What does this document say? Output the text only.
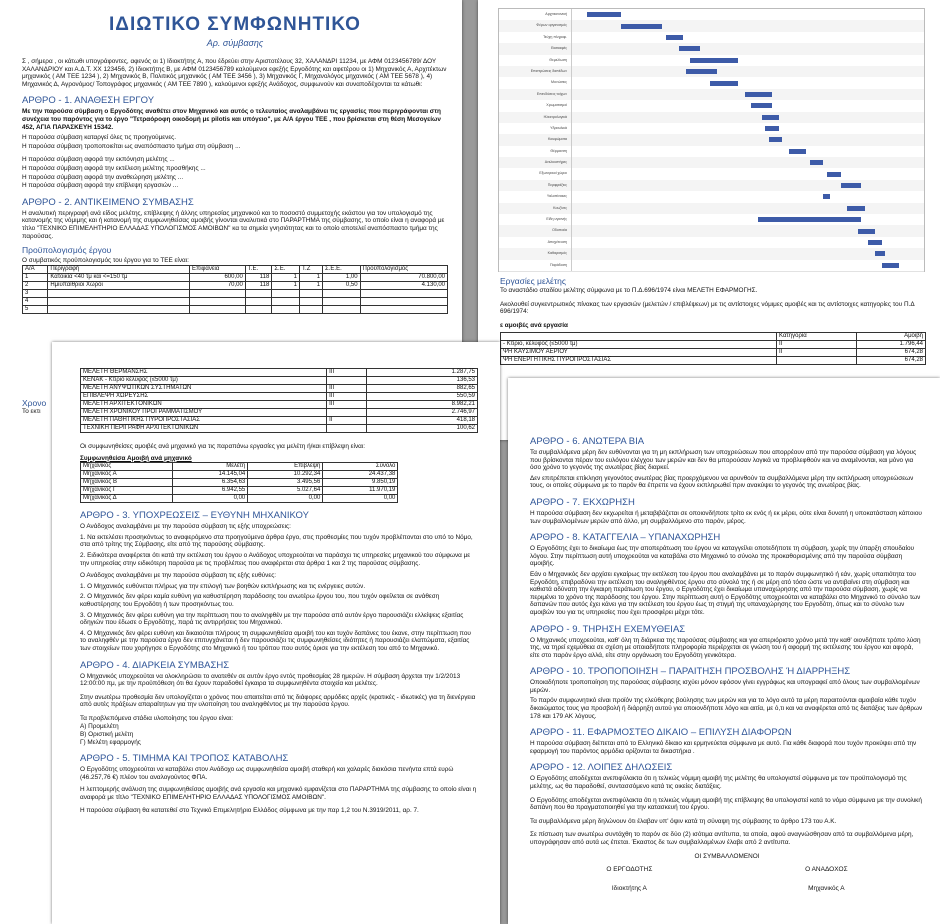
ΙΔΙΩΤΙΚΟ ΣΥΜΦΩΝΗΤΙΚΟ
Αρ. σύμβασης

Σ , σήμερα , οι κάτωθι υπογράφοντες, αφενός οι 1) Ιδιοκτήτης Α, που έδρεύει στην Αριστοτέλους 32, ΧΑΛΑΝΔΡΙ 11234, με ΑΦΜ 0123456789/ ΔΟΥ ΧΑΛΑΝΔΡΙΟΥ και Α.Δ.Τ. ΧΧ 123456, 2) Ιδιοκτήτης Β, με ΑΦΜ 0123456789 καλούμενοι εφεξής Εργοδότης και αφετέρου οι 1) Μηχανικός Α, Αρχιτέκτων μηχανικός ( ΑΜ ΤΕΕ 1234 ), 2) Μηχανικός Β, Πολιτικός μηχανικός ( ΑΜ ΤΕΕ 3456 ), 3) Μηχανικός Γ, Μηχανολόγος μηχανικός ( ΑΜ ΤΕΕ 5678 ), 4) Μηχανικός Δ, Αγρονόμος/ Τοπογράφος μηχανικός ( ΑΜ ΤΕΕ 7890 ), καλούμενοι εφεξής Ανάδοχος, συμφωνούν και συναποδέχονται τα κάτωθι:

ΑΡΘΡΟ - 1. ΑΝΑΘΕΣΗ ΕΡΓΟΥ

Με την παρούσα σύμβαση ο Εργοδότης αναθέτει στον Μηχανικό και αυτός ο τελευταίος αναλαμβάνει τις εργασίες που περιγράφονται στη συνέχεια του παρόντος για το έργο "Τετραόροφη οικοδομή με pilotis και υπόγειο", με Α/Α έργου ΤΕΕ , που βρίσκεται στη θέση Μεσογείων 452, ΑΓΙΑ ΠΑΡΑΣΚΕΥΗ 15342.

Η παρούσα σύμβαση καταργεί όλες τις προηγούμενες.

Η παρούσα σύμβαση τροποποιείται ως αναπόσπαστο τμήμα στη σύμβαση ...

Η παρούσα σύμβαση αφορά την εκπόνηση μελέτης ...

Η παρούσα σύμβαση αφορά την εκτέλεση μελέτης προσθήκης ...

Η παρούσα σύμβαση αφορά την αναθεώρηση μελέτης ...

Η παρούσα σύμβαση αφορά την επίβλεψη εργασιών ...

ΑΡΘΡΟ - 2. ΑΝΤΙΚΕΙΜΕΝΟ ΣΥΜΒΑΣΗΣ

Η αναλυτική περιγραφή ανά είδος μελέτης, επίβλεψης ή άλλης υπηρεσίας μηχανικού και το ποσοστό συμμετοχής εκάστου για τον υπολογισμό της κατανομής της νόμιμης και ή κατανομή της συμφωνηθείσας αμοιβής γίνονται αναλυτικά στο ΠΑΡΑΡΤΗΜΑ της σύμβασης, το οποίο είναι η αναφορά με τίτλο "ΤΕΧΝΙΚΟ ΕΠΙΜΕΛΗΤΗΡΙΟ ΕΛΛΑΔΑΣ ΥΠΟΛΟΓΙΣΜΟΣ ΑΜΟΙΒΩΝ" κα τα σημεία γνησιότητας και το οποίο αποτελεί αναπόσπαστο τμήμα της παρούσας.

Προϋπολογισμός έργου

Ο συμβατικός προϋπολογισμός του έργου για το ΤΕΕ είναι:

Α/Α	Περιγραφή	Επιφάνεια	Τ.Ε.	Σ.Ε.	Τ.Ζ	Σ.Ε.Ε.	Προϋπολογισμός
1	Κατοικία <40 τμ και <=150 τμ	600,00	118	1	1	1,00	70.800,00
2	Ημιυπαίθριοι Χώροι	70,00	118	1	1	0,50	4.130,00
3							
4							
5							
Χρονο
Το εκτι
Αρχιτεκτονική
Φέρων οργανισμός
Τεύχη πληροφ.
Εκσκαφές
Θεμελίωση
Επιστρώσεις δαπέδων
Μονώσεις
Επενδύσεις τοίχων
Χρωματισμοί
Ηλεκτρολογικά
Υδραυλικά
Κουφώματα
Θέρμανση
Ανελκυστήρες
Εξωτερικοί χώροι
Περιφράξεις
Υαλοπίνακες
Κουζίνες
Είδη υγιεινής
Οδοποιία
Αποχέτευση
Καθαρισμός
Παράδοση
Εργασίες μελέτης

Το αναστάδιο σταδίου μελέτης σύμφωνα με το Π.Δ.696/1974 είναι ΜΕΛΕΤΗ ΕΦΑΡΜΟΓΗΣ.

Ακολουθεί συγκεντρωτικός πίνακας των εργασιών (μελετών / επιβλέψεων) με τις αντίστοιχες νόμιμες αμοιβές και τις αντίστοιχες κατηγορίες του Π.Δ 696/1974:

ε αμοιβές ανά εργασία
	Κατηγορία	Αμοιβή
- Κτίριο, κέλυφος (≤5000 τμ)	ΙΙ	1.796,44
ΨΗ ΚΑΥΣΙΜΟΥ ΑΕΡΙΟΥ	ΙΙ	674,28
ΨΗ ΕΝΕΡΓΗΤΙΚΗΣ ΠΥΡΟΠΡΟΣΤΑΣΙΑΣ		674,28
ΜΕΛΕΤΗ ΘΕΡΜΑΝΣΗΣ	ΙΙΙ	1.287,75
ΚΕΝΑΚ - Κτίριο κέλυφος (≤5000 τμ)		136,53
ΜΕΛΕΤΗ ΑΝΥΨΩΤΙΚΩΝ ΣΥΣΤΗΜΑΤΩΝ	ΙΙΙ	882,65
ΕΠΙΒΛΕΨΗ ΧΩΡΕΥΣΗΣ	ΙΙΙ	550,59
ΜΕΛΕΤΗ ΑΡΧΙΤΕΚΤΟΝΙΚΩΝ	ΙΙΙ	8.982,21
ΜΕΛΕΤΗ ΧΡΟΝΙΚΟΥ ΠΡΟΓΡΑΜΜΑΤΙΣΜΟΥ		2.746,97
ΜΕΛΕΤΗ ΠΑΘΗΤΙΚΗΣ ΠΥΡΟΠΡΟΣΤΑΣΙΑΣ	ΙΙ	418,18
ΤΕΧΝΙΚΗ ΠΕΡΙΓΡΑΦΗ ΑΡΧΙΤΕΚΤΟΝΙΚΩΝ		100,62

Οι συμφωνηθείσες αμοιβές ανά μηχανικό για τις παραπάνω εργασίες για μελέτη ή/και επίβλεψη είναι:

Συμφωνηθείσα Αμοιβή ανά μηχανικό
Μηχανικός	Μελέτη	Επίβλεψη	Σύνολο
Μηχανικός Α	14.145,04	10.292,34	24.437,38
Μηχανικός Β	6.354,63	3.495,56	9.850,19
Μηχανικός Γ	6.942,55	5.027,64	11.970,19
Μηχανικός Δ	0,00	0,00	0,00
ΑΡΘΡΟ - 3. ΥΠΟΧΡΕΩΣΕΙΣ – ΕΥΘΥΝΗ ΜΗΧΑΝΙΚΟΥ

Ο Ανάδοχος αναλαμβάνει με την παρούσα σύμβαση τις εξής υποχρεώσεις:

1. Να εκτελέσει προσηκόντως το αναφερόμενο στα προηγούμενα άρθρα έργο, στις προθεσμίες που τυχόν προβλέπονται στο υπό το Νόμο, στα από τρίτης της Σύμβασης, είτε από της παρούσης σύμβασης.

2. Ειδικότερα αναφέρεται ότι κατά την εκτέλεση του έργου ο Ανάδοχος υποχρεούται να παράσχει τις υπηρεσίες μηχανικού του σύμφωνα με την υπηρεσίας στην ειδικότερη παρούσα με τις προβλέπεις που αναφέρεται στα άρθρα 1 και 2 της παρούσας σύμβασης.

Ο Ανάδοχος αναλαμβάνει με την παρούσα σύμβαση τις εξής ευθύνες:

1. Ο Μηχανικός ευθύνεται πλήρως για την επιλογή των βοηθών εκπλήρωσης και τις ενέργειες αυτών.

2. Ο Μηχανικός δεν φέρει καμία ευθύνη για καθυστέρηση παράδοσης του ανωτέρω έργου του, που τυχόν οφείλεται σε ανάθεση καθυστέρησης του Εργοδότη ή των προσηκόντως του.

3. Ο Μηχανικός δεν φέρει ευθύνη για την περίπτωση που το αναληφθέν με την παρούσα από αυτόν έργο παρουσιάζει ελλείψεις εξαιτίας οδηγιών που έδωσε ο Εργοδότης, παρά τις αντιρρήσεις του Μηχανικού.

4. Ο Μηχανικός δεν φέρει ευθύνη και δικαιούται πλήρους τη συμφωνηθείσα αμοιβή του και τυχόν δαπάνες του έκανε, στην περίπτωση που το αναληφθέν με την παρούσα έργο δεν επιτυγχάνεται ή δεν παρουσιάζει τις συμφωνηθείσες ιδιότητες ή παρουσιάζει ελαττώματα, εξαιτίας των στοιχείων που χορήγησε ο Εργοδότης στο Μηχανικό ή του τρόπου που αυτός όρισε για την εκτέλεση του από το Μηχανικό.

ΑΡΘΡΟ - 4. ΔΙΑΡΚΕΙΑ ΣΥΜΒΑΣΗΣ

Ο Μηχανικός υποχρεούται να ολοκληρώσει το ανατεθέν σε αυτόν έργο εντός προθεσμίας 28 ημερών. Η σύμβαση άρχεται την 1/2/2013 12:00:00 πμ, με την προϋπόθεση ότι θα έχουν παραδοθεί έγκαιρα τα συμφωνηθέντα στοιχεία και μελέτες.

Στην ανωτέρω προθεσμία δεν υπολογίζεται ο χρόνος που απαιτείται από τις διάφορες αρμόδιες αρχές (κρατικές - ιδιωτικές) για τη διενέργεια από αυτές πράξεων απαραίτητων για την υλοποίηση του αναληφθέντος με την παρούσα έργου.

Τα προβλεπόμενα στάδια υλοποίησης του έργου είναι:

Α) Προμελέτη
Β) Οριστική μελέτη
Γ) Μελέτη εφαρμογής
ΑΡΘΡΟ - 5. ΤΙΜΗΜΑ ΚΑΙ ΤΡΟΠΟΣ ΚΑΤΑΒΟΛΗΣ

Ο Εργοδότης υποχρεούται να καταβάλει στον Ανάδοχο ως συμφωνηθείσα αμοιβή σταθερή και χαλαρές διακόσια πενήντα επτά ευρώ (46.257,76 €) πλέον του αναλογούντος ΦΠΑ.

Η λεπτομερής ανάλυση της συμφωνηθείσας αμοιβής ανά εργασία και μηχανικό εμφανίζεται στο ΠΑΡΑΡΤΗΜΑ της σύμβασης το οποίο είναι η αναφορά με τίτλο "ΤΕΧΝΙΚΟ ΕΠΙΜΕΛΗΤΗΡΙΟ ΕΛΛΑΔΑΣ ΥΠΟΛΟΓΙΣΜΟΣ ΑΜΟΙΒΩΝ".

Η παρούσα σύμβαση θα κατατεθεί στο Τεχνικό Επιμελητήριο Ελλάδος σύμφωνα με την παρ 1,2 του Ν.3919/2011, αρ. 7.

ΑΡΘΡΟ - 6. ΑΝΩΤΕΡΑ ΒΙΑ

Τα συμβαλλόμενα μέρη δεν ευθύνονται για τη μη εκπλήρωση των υποχρεώσεων που απορρέουν από την παρούσα σύμβαση για λόγους που βρίσκονται πέραν του ευλόγου ελέγχου των μερών και δεν θα μπορούσαν λογικά να προβλεφθούν και να αναμένονται, και μόνο για όσο χρόνο το γεγονός της ανωτέρας βίας διαρκεί.

Δεν επιτρέπεται επίκληση γεγονότος ανωτέρας βίας προερχόμενου να αρυνθούν τα συμβαλλόμενα μέρη την εκπλήρωση υποχρεώσεων τους, οι οποίες σύμφωνα με το παρόν θα έπρεπε να έχουν εκπληρωθεί πριν ανακύψει το γεγονός της ανωτέρας βίας.

ΑΡΘΡΟ - 7. ΕΚΧΩΡΗΣΗ

Η παρούσα σύμβαση δεν εκχωρείται ή μεταβιβάζεται σε οποιονδήποτε τρίτο εκ ενός ή εκ μέρει, ούτε είναι δυνατή η υποκατάσταση κάποιου των συμβαλλομένων μερών από άλλο, μη συμβαλλόμενο στο παρόν, μέρος.

ΑΡΘΡΟ - 8. ΚΑΤΑΓΓΕΛΙΑ – ΥΠΑΝΑΧΩΡΗΣΗ

Ο Εργοδότης έχει το δικαίωμα έως την αποπεράτωση του έργου να καταγγείλει οποτεδήποτε τη σύμβαση, χωρίς την ύπαρξη σπουδαίου λόγου. Στην περίπτωση αυτή υποχρεούται να καταβάλει στο Μηχανικό το σύνολο της προκαθορισμένης από την παρούσα σύμβαση αμοιβής.

Εάν ο Μηχανικός δεν αρχίσει εγκαίρως την εκτέλεση του έργου που αναλαμβάνει με το παρόν συμφωνητικό ή εάν, χωρίς υπαιτιότητα του Εργοδότη, επιβραδύνει την εκτέλεση του αναληφθέντος έργου στο σύνολό της ή σε μέρη ατό τόσο ώστε να αντιβαίνει στη σύμβαση και καθιστά αδύνατη την έγκαιρη περάτωση του έργου, ο Εργοδότης έχει δικαίωμα υπαναχώρησης από την παρούσα σύμβαση, χωρίς να περιμένει το χρόνο της παράδοσης του έργου. Στην περίπτωση αυτή ο Εργοδότης υποχρεούται να καταβάλει στο Μηχανικό το σύνολο των δαπανών που αυτός έχει κάνει για την εκτέλεση του έργου έως τη στιγμή της υπαναχώρησης του Εργοδότη, όπως και το σύνολο των αμοιβών του για τις υπηρεσίες που έχει προσφέρει μέχρι τότε.

ΑΡΘΡΟ - 9. ΤΗΡΗΣΗ ΕΧΕΜΥΘΕΙΑΣ

Ο Μηχανικός υποχρεούται, καθ' όλη τη διάρκεια της παρούσας σύμβασης και για απεριόριστο χρόνο μετά την καθ' οιονδήποτε τρόπο λύση της, να τηρεί εχεμύθεια σε σχέση με οποιαδήποτε πληροφορία περιέρχεται σε γνώση του ή αφορμή της εκτέλεσης του έργου και αφορά, είτε στο παρόν έργο αλλά, είτε στην οργάνωση του Εργοδότη γενικότερα.

ΑΡΘΡΟ - 10. ΤΡΟΠΟΠΟΙΗΣΗ – ΠΑΡΑΙΤΗΣΗ ΠΡΟΣΒΟΛΗΣ Ή ΔΙΑΡΡΗΞΗΣ

Οποιαδήποτε τροποποίηση της παρούσας σύμβασης ισχύει μόνον εφόσον γίνει εγγράφως και υπογραφεί από όλους των συμβαλλομένων μερών.

Το παρόν συμφωνητικό είναι προϊόν της ελεύθερης βούλησης των μερών και για το λόγο αυτό τα μέρη παραιτούνται αμοιβαία κάθε τυχόν δικαιώματος τους για προσβολή ή διάρρηξη αυτού για οποιονδήποτε λόγο και αιτία, με ό,τι και να αναφέρεται από τις διατάξεις των άρθρων 178 και 179 ΑΚ λόγους.

ΑΡΘΡΟ - 11. ΕΦΑΡΜΟΣΤΕΟ ΔΙΚΑΙΟ – ΕΠΙΛΥΣΗ ΔΙΑΦΟΡΩΝ

Η παρούσα σύμβαση διέπεται από το Ελληνικό δίκαιο και ερμηνεύεται σύμφωνα με αυτό. Για κάθε διαφορά που τυχόν προκύψει από την εφαρμογή του παρόντος αρμόδια ορίζονται τα δικαστήρια .

ΑΡΘΡΟ - 12. ΛΟΙΠΕΣ ΔΗΛΩΣΕΙΣ

Ο Εργοδότης αποδέχεται ανεπιφύλακτα ότι η τελικώς νόμιμη αμοιβή της μελέτης θα υπολογιστεί σύμφωνα με τον προϋπολογισμό της μελέτης, ως θα παραδοθεί, συντασσόμενο κατά τις οικείες διατάξεις.

Ο Εργοδότης αποδέχεται ανεπιφύλακτα ότι η τελικώς νόμιμη αμοιβή της επίβλεψης θα υπολογιστεί κατά το νόμο σύμφωνα με την συνολική δαπάνη που θα πραγματοποιηθεί για την κατασκευή του έργου.

Τα συμβαλλόμενα μέρη δηλώνουν ότι έλαβαν υπ' όψιν κατά τη σύναψη της σύμβασης το άρθρο 173 του Α.Κ.

Σε πίστωση των ανωτέρω συντάχθη το παρόν σε δύο (2) ισότιμα αντίτυπα, τα οποία, αφού αναγνώσθησαν από τα συμβαλλόμενα μέρη, υπογράφησαν από αυτά ως έπεται. Έκαστος δε των συμβαλλομένων έλαβε από 2 αντίτυπα.

ΟΙ ΣΥΜΒΑΛΛΟΜΕΝΟΙ
Ο ΕΡΓΟΔΟΤΗΣ
Ιδιοκτήτης Α
Ο ΑΝΑΔΟΧΟΣ
Μηχανικός Α
